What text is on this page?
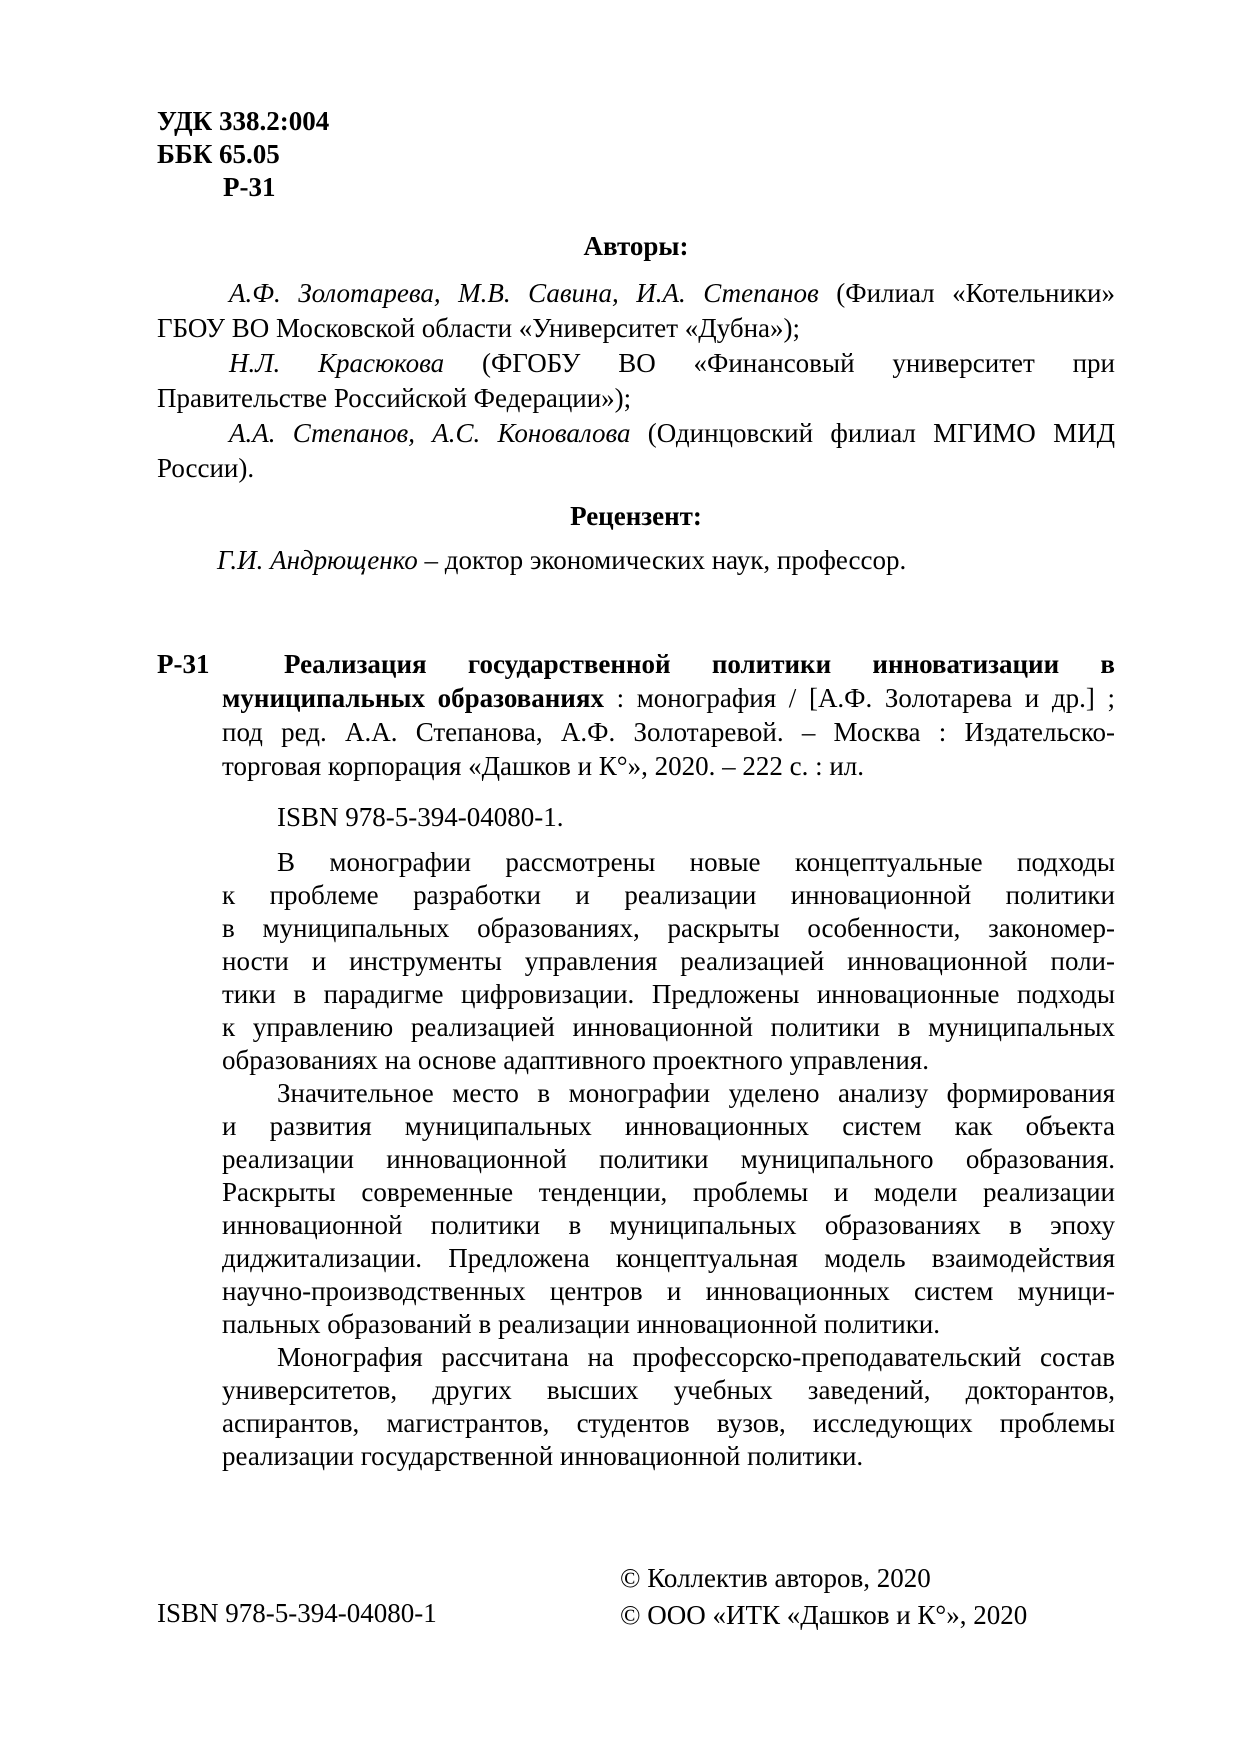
УДК 338.2:004
ББК 65.05
Р-31
Авторы:
А.Ф. Золотарева, М.В. Савина, И.А. Степанов (Филиал «Котельники»
ГБОУ ВО Московской области «Университет «Дубна»);
Н.Л. Красюкова (ФГОБУ ВО «Финансовый университет при
Правительстве Российской Федерации»);
А.А. Степанов, А.С. Коновалова (Одинцовский филиал МГИМО МИД
России).
Рецензент:
Г.И. Андрющенко – доктор экономических наук, профессор.
Р-31	Реализация государственной политики инноватизации в
муниципальных образованиях : монография / [А.Ф. Золотарева и др.] ;
под ред. А.А. Степанова, А.Ф. Золотаревой. – Москва : Издательско-
торговая корпорация «Дашков и К°», 2020. – 222 с. : ил.
ISBN 978-5-394-04080-1.
В монографии рассмотрены новые концептуальные подходы
к проблеме разработки и реализации инновационной политики
в муниципальных образованиях, раскрыты особенности, закономер-
ности и инструменты управления реализацией инновационной поли-
тики в парадигме цифровизации. Предложены инновационные подходы
к управлению реализацией инновационной политики в муниципальных
образованиях на основе адаптивного проектного управления.
Значительное место в монографии уделено анализу формирования
и развития муниципальных инновационных систем как объекта
реализации инновационной политики муниципального образования.
Раскрыты современные тенденции, проблемы и модели реализации
инновационной политики в муниципальных образованиях в эпоху
диджитализации. Предложена концептуальная модель взаимодействия
научно-производственных центров и инновационных систем муници-
пальных образований в реализации инновационной политики.
Монография рассчитана на профессорско-преподавательский состав
университетов, других высших учебных заведений, докторантов,
аспирантов, магистрантов, студентов вузов, исследующих проблемы
реализации государственной инновационной политики.
ISBN 978-5-394-04080-1
© Коллектив авторов, 2020
© ООО «ИТК «Дашков и К°», 2020
